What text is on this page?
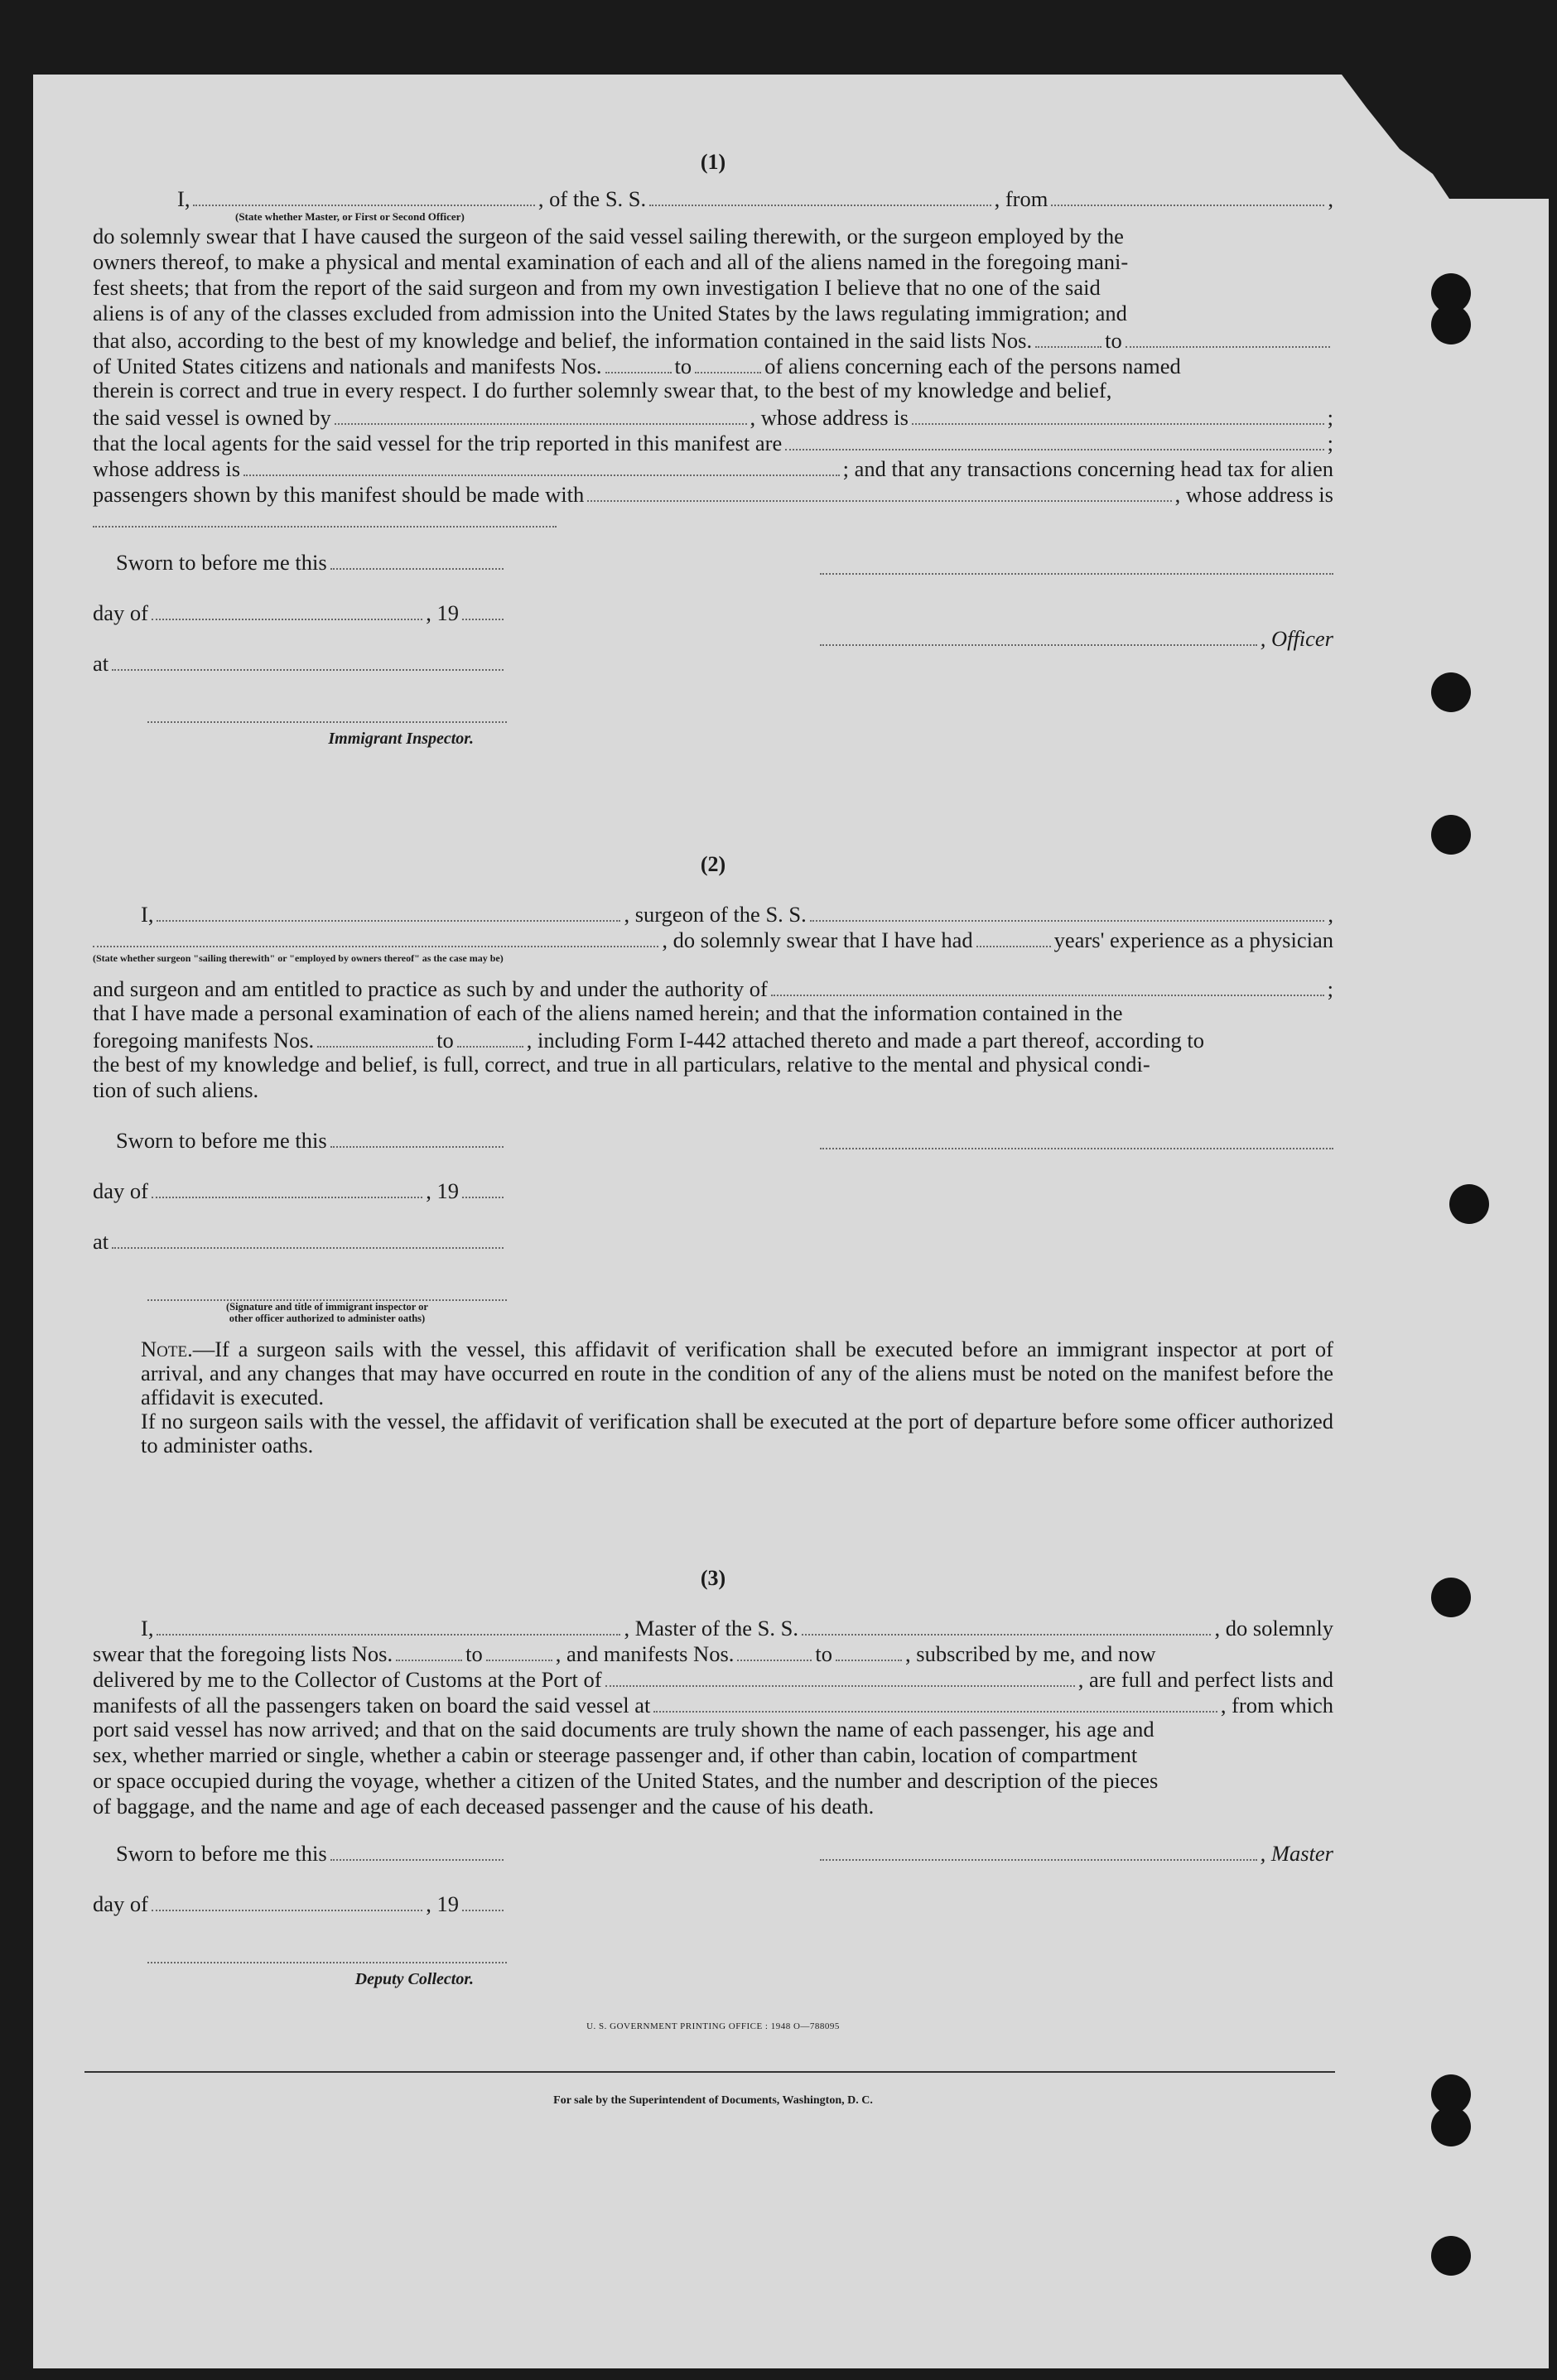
(1)
I,	, of the S. S.	, from	,
(State whether Master, or First or Second Officer)
do solemnly swear that I have caused the surgeon of the said vessel sailing therewith, or the surgeon employed by the
owners thereof, to make a physical and mental examination of each and all of the aliens named in the foregoing mani-
fest sheets; that from the report of the said surgeon and from my own investigation I believe that no one of the said
aliens is of any of the classes excluded from admission into the United States by the laws regulating immigration; and
that also, according to the best of my knowledge and belief, the information contained in the said lists Nos.	to
of United States citizens and nationals and manifests Nos.	to	of aliens concerning each of the persons named
therein is correct and true in every respect. I do further solemnly swear that, to the best of my knowledge and belief,
the said vessel is owned by	, whose address is	;
that the local agents for the said vessel for the trip reported in this manifest are	;
whose address is	; and that any transactions concerning head tax for alien
passengers shown by this manifest should be made with	, whose address is
Sworn to before me this
day of	, 19
at
Immigrant Inspector.
, Officer
(2)
I,	, surgeon of the S. S.	,
, do solemnly swear that I have had	years' experience as a physician
(State whether surgeon "sailing therewith" or "employed by owners thereof" as the case may be)
and surgeon and am entitled to practice as such by and under the authority of	;
that I have made a personal examination of each of the aliens named herein; and that the information contained in the
foregoing manifests Nos.	to	, including Form I-442 attached thereto and made a part thereof, according to
the best of my knowledge and belief, is full, correct, and true in all particulars, relative to the mental and physical condi-
tion of such aliens.
Sworn to before me this
day of	, 19
at
(Signature and title of immigrant inspector or
other officer authorized to administer oaths)
Note.—If a surgeon sails with the vessel, this affidavit of verification shall be executed before an immigrant inspector at port of arrival, and any changes that may have occurred en route in the condition of any of the aliens must be noted on the manifest before the affidavit is executed.
If no surgeon sails with the vessel, the affidavit of verification shall be executed at the port of departure before some officer authorized to administer oaths.
(3)
I,	, Master of the S. S.	, do solemnly
swear that the foregoing lists Nos.	to	, and manifests Nos.	to	, subscribed by me, and now
delivered by me to the Collector of Customs at the Port of	, are full and perfect lists and
manifests of all the passengers taken on board the said vessel at	, from which
port said vessel has now arrived; and that on the said documents are truly shown the name of each passenger, his age and
sex, whether married or single, whether a cabin or steerage passenger and, if other than cabin, location of compartment
or space occupied during the voyage, whether a citizen of the United States, and the number and description of the pieces
of baggage, and the name and age of each deceased passenger and the cause of his death.
Sworn to before me this
day of	, 19
Deputy Collector.
, Master
U. S. GOVERNMENT PRINTING OFFICE : 1948 O—788095
For sale by the Superintendent of Documents, Washington, D. C.
